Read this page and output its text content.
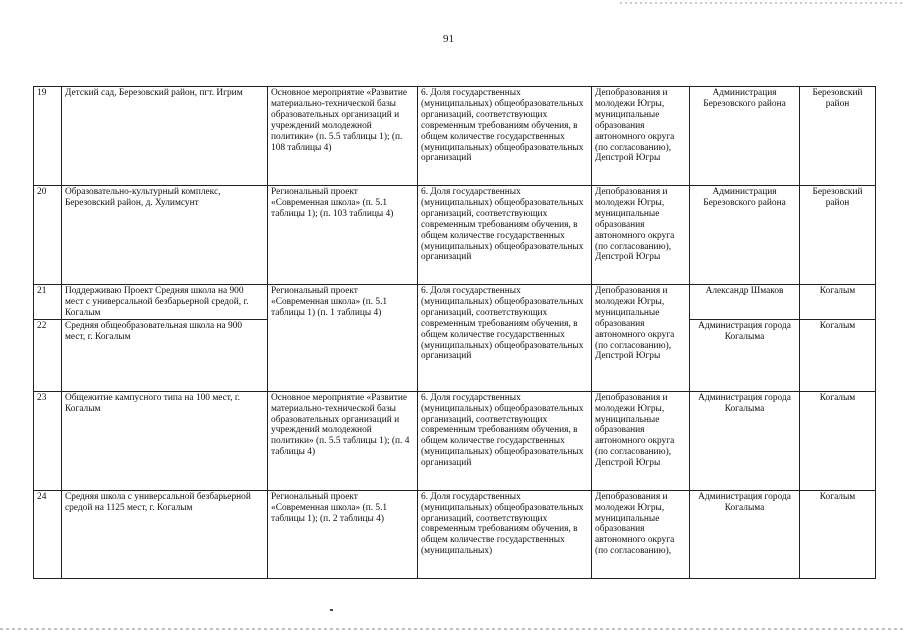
91
19	Детский сад, Березовский район, пгт. Игрим	Основное мероприятие «Развитие материально-технической базы образовательных организаций и учреждений молодежной политики» (п. 5.5 таблицы 1); (п. 108 таблицы 4)	6. Доля государственных (муниципальных) общеобразовательных организаций, соответствующих современным требованиям обучения, в общем количестве государственных (муниципальных) общеобразовательных организаций	Депобразования и молодежи Югры, муниципальные образования автономного округа (по согласованию), Депстрой Югры	Администрация Березовского района	Березовский район
20	Образовательно-культурный комплекс, Березовский район, д. Хулимсунт	Региональный проект «Современная школа» (п. 5.1 таблицы 1); (п. 103 таблицы 4)	6. Доля государственных (муниципальных) общеобразовательных организаций, соответствующих современным требованиям обучения, в общем количестве государственных (муниципальных) общеобразовательных организаций	Депобразования и молодежи Югры, муниципальные образования автономного округа (по согласованию), Депстрой Югры	Администрация Березовского района	Березовский район
21	Поддерживаю Проект Средняя школа на 900 мест с универсальной безбарьерной средой, г. Когалым	Региональный проект «Современная школа» (п. 5.1 таблицы 1) (п. 1 таблицы 4)	6. Доля государственных (муниципальных) общеобразовательных организаций, соответствующих современным требованиям обучения, в общем количестве государственных (муниципальных) общеобразовательных организаций	Депобразования и молодежи Югры, муниципальные образования автономного округа (по согласованию), Депстрой Югры	Александр Шмаков	Когалым
22	Средняя общеобразовательная школа на 900 мест, г. Когалым				Администрация города Когалыма	Когалым
23	Общежитие кампусного типа на 100 мест, г. Когалым	Основное мероприятие «Развитие материально-технической базы образовательных организаций и учреждений молодежной политики» (п. 5.5 таблицы 1); (п. 4 таблицы 4)	6. Доля государственных (муниципальных) общеобразовательных организаций, соответствующих современным требованиям обучения, в общем количестве государственных (муниципальных) общеобразовательных организаций	Депобразования и молодежи Югры, муниципальные образования автономного округа (по согласованию), Депстрой Югры	Администрация города Когалыма	Когалым
24	Средняя школа с универсальной безбарьерной средой на 1125 мест, г. Когалым	Региональный проект «Современная школа» (п. 5.1 таблицы 1); (п. 2 таблицы 4)	6. Доля государственных (муниципальных) общеобразовательных организаций, соответствующих современным требованиям обучения, в общем количестве государственных (муниципальных)	Депобразования и молодежи Югры, муниципальные образования автономного округа (по согласованию),	Администрация города Когалыма	Когалым
